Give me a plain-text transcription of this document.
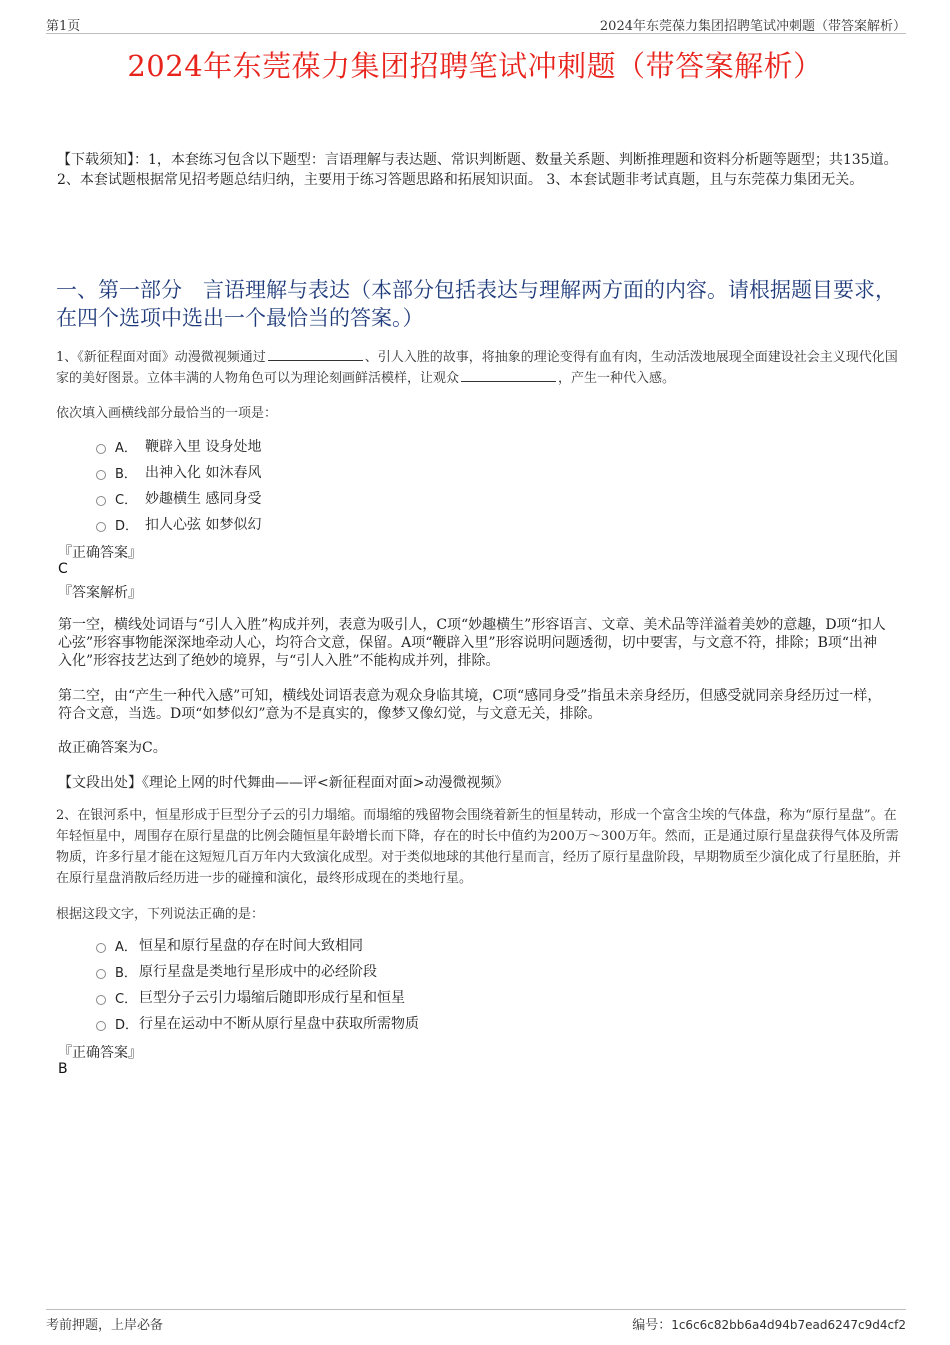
第1页	2024年东莞葆力集团招聘笔试冲刺题（带答案解析）
2024年东莞葆力集团招聘笔试冲刺题（带答案解析）
【下载须知】：1，本套练习包含以下题型：言语理解与表达题、常识判断题、数量关系题、判断推理题和资料分析题等题型；共135道。 2、本套试题根据常见招考题总结归纳，主要用于练习答题思路和拓展知识面。 3、本套试题非考试真题，且与东莞葆力集团无关。
一、第一部分　言语理解与表达（本部分包括表达与理解两方面的内容。请根据题目要求，在四个选项中选出一个最恰当的答案。）
1、《新征程面对面》动漫微视频通过	、引人入胜的故事，将抽象的理论变得有血有肉，生动活泼地展现全面建设社会主义现代化国家的美好图景。立体丰满的人物角色可以为理论刻画鲜活模样，让观众	，产生一种代入感。
依次填入画横线部分最恰当的一项是：
A． 鞭辟入里 设身处地
B． 出神入化 如沐春风
C． 妙趣横生 感同身受
D． 扣人心弦 如梦似幻
『正确答案』
C
『答案解析』
第一空，横线处词语与“引人入胜”构成并列，表意为吸引人，C项“妙趣横生”形容语言、文章、美术品等洋溢着美妙的意趣，D项“扣人心弦”形容事物能深深地牵动人心，均符合文意，保留。A项“鞭辟入里”形容说明问题透彻，切中要害，与文意不符，排除；B项“出神入化”形容技艺达到了绝妙的境界，与“引人入胜”不能构成并列，排除。
第二空，由“产生一种代入感”可知，横线处词语表意为观众身临其境，C项“感同身受”指虽未亲身经历，但感受就同亲身经历过一样，符合文意，当选。D项“如梦似幻”意为不是真实的，像梦又像幻觉，与文意无关，排除。
故正确答案为C。
【文段出处】《理论上网的时代舞曲——评<新征程面对面>动漫微视频》
2、在银河系中，恒星形成于巨型分子云的引力塌缩。而塌缩的残留物会围绕着新生的恒星转动，形成一个富含尘埃的气体盘，称为“原行星盘”。在年轻恒星中，周围存在原行星盘的比例会随恒星年龄增长而下降，存在的时长中值约为200万～300万年。然而，正是通过原行星盘获得气体及所需物质，许多行星才能在这短短几百万年内大致演化成型。对于类似地球的其他行星而言，经历了原行星盘阶段，早期物质至少演化成了行星胚胎，并在原行星盘消散后经历进一步的碰撞和演化，最终形成现在的类地行星。
根据这段文字，下列说法正确的是：
A． 恒星和原行星盘的存在时间大致相同
B． 原行星盘是类地行星形成中的必经阶段
C． 巨型分子云引力塌缩后随即形成行星和恒星
D． 行星在运动中不断从原行星盘中获取所需物质
『正确答案』
B
考前押题，上岸必备	编号：1c6c6c82bb6a4d94b7ead6247c9d4cf2
